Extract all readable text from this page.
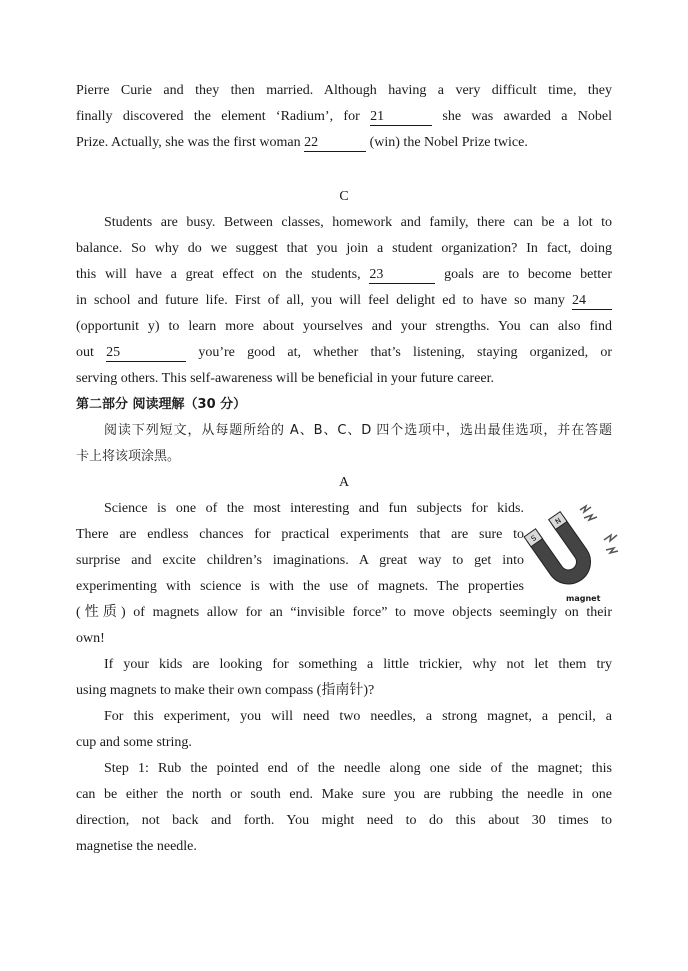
Pierre Curie and they then married. Although having a very difficult time, they

finally discovered the element ‘Radium’, for 21	she was awarded a Nobel

Prize. Actually, she was the first woman 22	(win) the Nobel Prize twice.

C

Students are busy. Between classes, homework and family, there can be a lot to

balance. So why do we suggest that you join a student organization? In fact, doing

this will have a great effect on the students, 23	goals are to become better

in school and future life. First of all, you will feel delight ed to have so many 24

(opportunit y) to learn more about yourselves and your strengths. You can also find

out 25	you’re good at, whether that’s listening, staying organized, or

serving others. This self-awareness will be beneficial in your future career.

第二部分 阅读理解（30 分）

阅读下列短文，从每题所给的 A、B、C、D 四个选项中，选出最佳选项，并在答题

卡上将该项涂黑。

A

S
N
magnet

Science is one of the most interesting and fun subjects for kids.

There are endless chances for practical experiments that are sure to

surprise and excite children’s imaginations. A great way to get into

experimenting with science is with the use of magnets. The properties

(性质) of magnets allow for an “invisible force” to move objects seemingly on their

own!

If your kids are looking for something a little trickier, why not let them try

using magnets to make their own compass (指南针)?

For this experiment, you will need two needles, a strong magnet, a pencil, a

cup and some string.

Step 1: Rub the pointed end of the needle along one side of the magnet; this

can be either the north or south end. Make sure you are rubbing the needle in one

direction, not back and forth. You might need to do this about 30 times to

magnetise the needle.
